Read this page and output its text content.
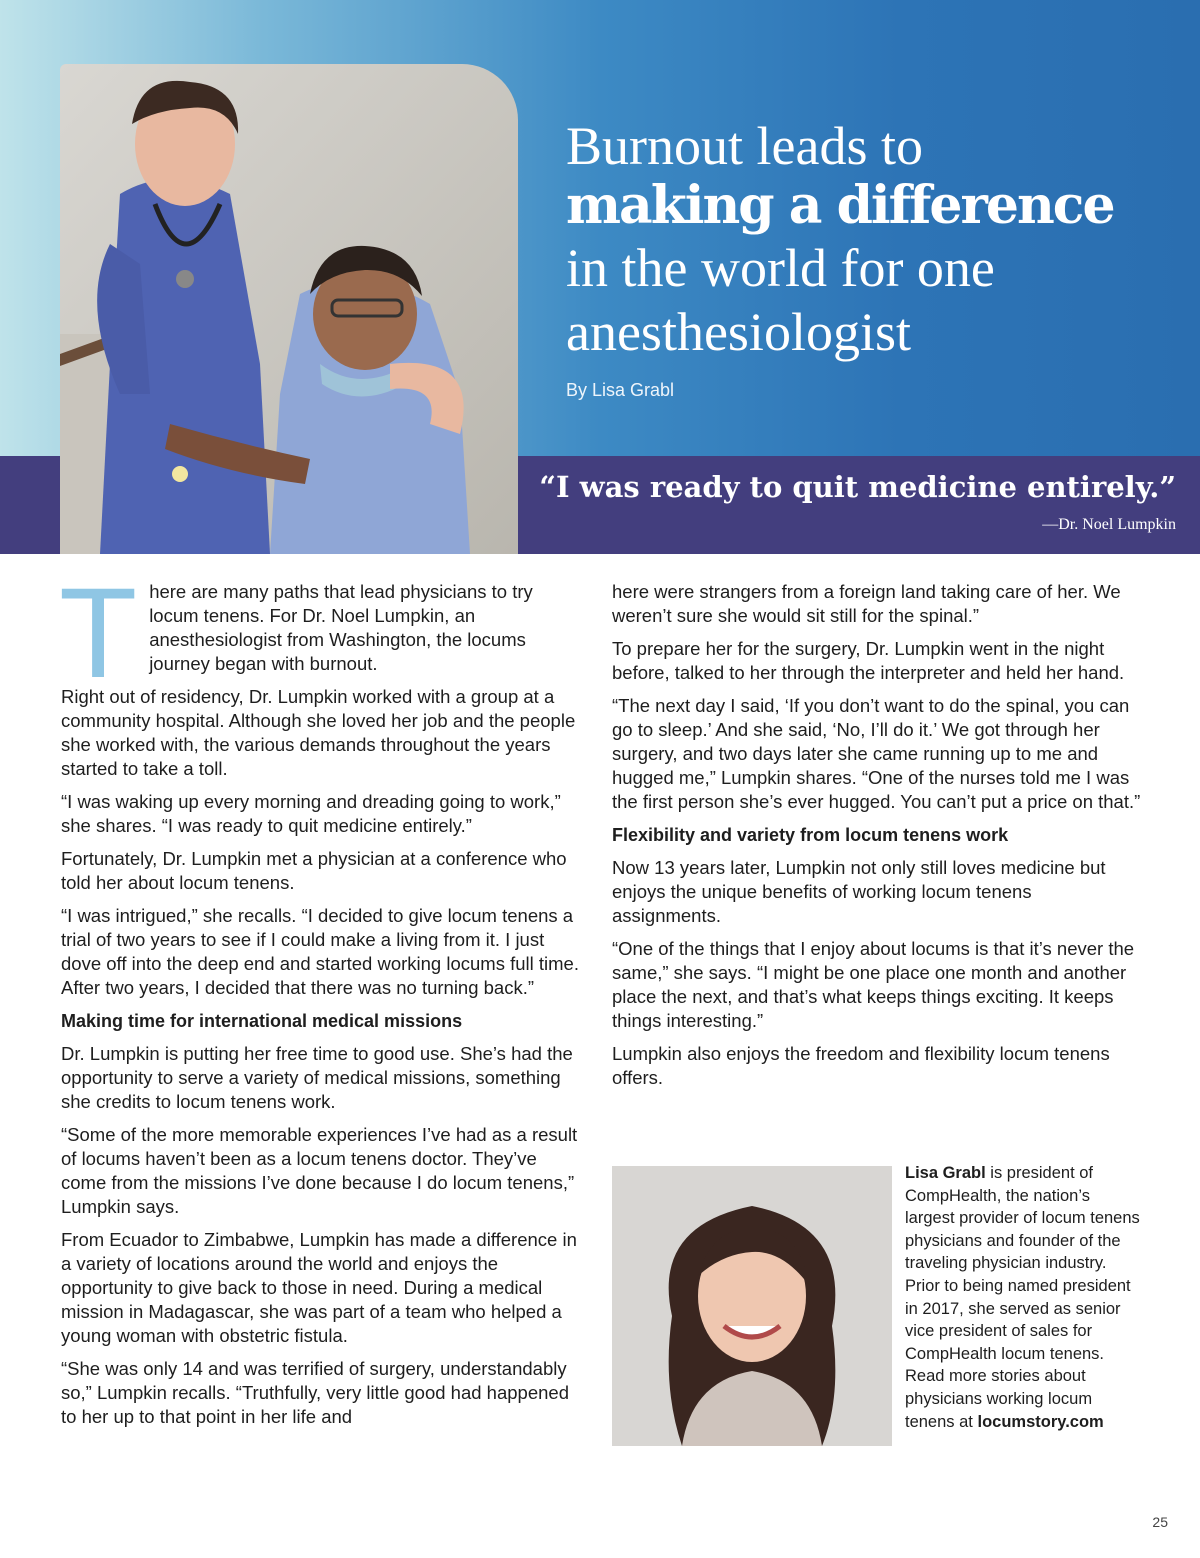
Burnout leads to
making a difference
in the world for one
anesthesiologist
By Lisa Grabl
“I was ready to quit medicine entirely.”
—Dr. Noel Lumpkin

There are many paths that lead physicians to try locum tenens. For Dr. Noel Lumpkin, an anesthesiologist from Washington, the locums journey began with burnout.

Right out of residency, Dr. Lumpkin worked with a group at a community hospital. Although she loved her job and the people she worked with, the various demands throughout the years started to take a toll.

“I was waking up every morning and dreading going to work,” she shares. “I was ready to quit medicine entirely.”

Fortunately, Dr. Lumpkin met a physician at a conference who told her about locum tenens.

“I was intrigued,” she recalls. “I decided to give locum tenens a trial of two years to see if I could make a living from it. I just dove off into the deep end and started working locums full time. After two years, I decided that there was no turning back.”

Making time for international medical missions

Dr. Lumpkin is putting her free time to good use. She’s had the opportunity to serve a variety of medical missions, something she credits to locum tenens work.

“Some of the more memorable experiences I’ve had as a result of locums haven’t been as a locum tenens doctor. They’ve come from the missions I’ve done because I do locum tenens,” Lumpkin says.

From Ecuador to Zimbabwe, Lumpkin has made a difference in a variety of locations around the world and enjoys the opportunity to give back to those in need. During a medical mission in Madagascar, she was part of a team who helped a young woman with obstetric fistula.

“She was only 14 and was terrified of surgery, understandably so,” Lumpkin recalls. “Truthfully, very little good had happened to her up to that point in her life and

here were strangers from a foreign land taking care of her. We weren’t sure she would sit still for the spinal.”

To prepare her for the surgery, Dr. Lumpkin went in the night before, talked to her through the interpreter and held her hand.

“The next day I said, ‘If you don’t want to do the spinal, you can go to sleep.’ And she said, ‘No, I’ll do it.’ We got through her surgery, and two days later she came running up to me and hugged me,” Lumpkin shares. “One of the nurses told me I was the first person she’s ever hugged. You can’t put a price on that.”

Flexibility and variety from locum tenens work

Now 13 years later, Lumpkin not only still loves medicine but enjoys the unique benefits of working locum tenens assignments.

“One of the things that I enjoy about locums is that it’s never the same,” she says. “I might be one place one month and another place the next, and that’s what keeps things exciting. It keeps things interesting.”

Lumpkin also enjoys the freedom and flexibility locum tenens offers.

Lisa Grabl is president of CompHealth, the nation’s largest provider of locum tenens physicians and founder of the traveling physician industry. Prior to being named president in 2017, she served as senior vice president of sales for CompHealth locum tenens. Read more stories about physicians working locum tenens at locumstory.com
25
